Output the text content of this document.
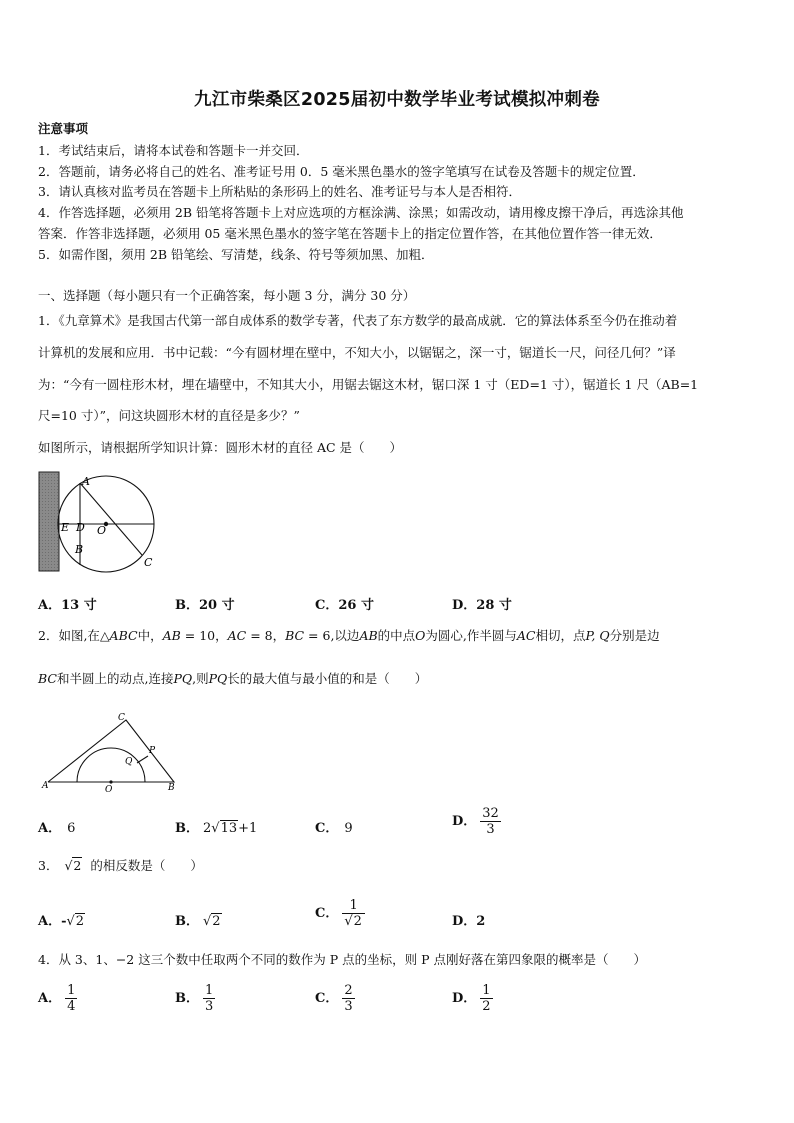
九江市柴桑区2025届初中数学毕业考试模拟冲刺卷
注意事项
1．考试结束后，请将本试卷和答题卡一并交回．
2．答题前，请务必将自己的姓名、准考证号用 0．5 毫米黑色墨水的签字笔填写在试卷及答题卡的规定位置．
3．请认真核对监考员在答题卡上所粘贴的条形码上的姓名、准考证号与本人是否相符．
4．作答选择题，必须用 2B 铅笔将答题卡上对应选项的方框涂满、涂黑；如需改动，请用橡皮擦干净后，再选涂其他
答案．作答非选择题，必须用 05 毫米黑色墨水的签字笔在答题卡上的指定位置作答，在其他位置作答一律无效．
5．如需作图，须用 2B 铅笔绘、写清楚，线条、符号等须加黑、加粗．
一、选择题（每小题只有一个正确答案，每小题 3 分，满分 30 分）
1．《九章算术》是我国古代第一部自成体系的数学专著，代表了东方数学的最高成就．它的算法体系至今仍在推动着
计算机的发展和应用．书中记载：“今有圆材埋在壁中，不知大小，以锯锯之，深一寸，锯道长一尺，问径几何？”译
为：“今有一圆柱形木材，埋在墙壁中，不知其大小，用锯去锯这木材，锯口深 1 寸（ED=1 寸），锯道长 1 尺（AB=1
尺=10 寸）”，问这块圆形木材的直径是多少？”
如图所示，请根据所学知识计算：圆形木材的直径 AC 是（　　）
A
E D O
B
C
A．13 寸	B．20 寸	C．26 寸	D．28 寸
2．如图,在△ABC中，AB = 10，AC = 8，BC = 6,以边AB的中点O为圆心,作半圆与AC相切，点P, Q分别是边
BC和半圆上的动点,连接PQ,则PQ长的最大值与最小值的和是（　　）
A
C
B
O
P
Q
A． 6	B． 2√13+1	C． 9	D． $\frac{32}{3}$
3． √2 的相反数是（　　）
A．-√2	B． √2
C． $\frac{1}{√2}$	D．2
4．从 3、1、−2 这三个数中任取两个不同的数作为 P 点的坐标，则 P 点刚好落在第四象限的概率是（　　）
A． $\frac{1}{4}$	B． $\frac{1}{3}$	C． $\frac{2}{3}$	D． $\frac{1}{2}$
